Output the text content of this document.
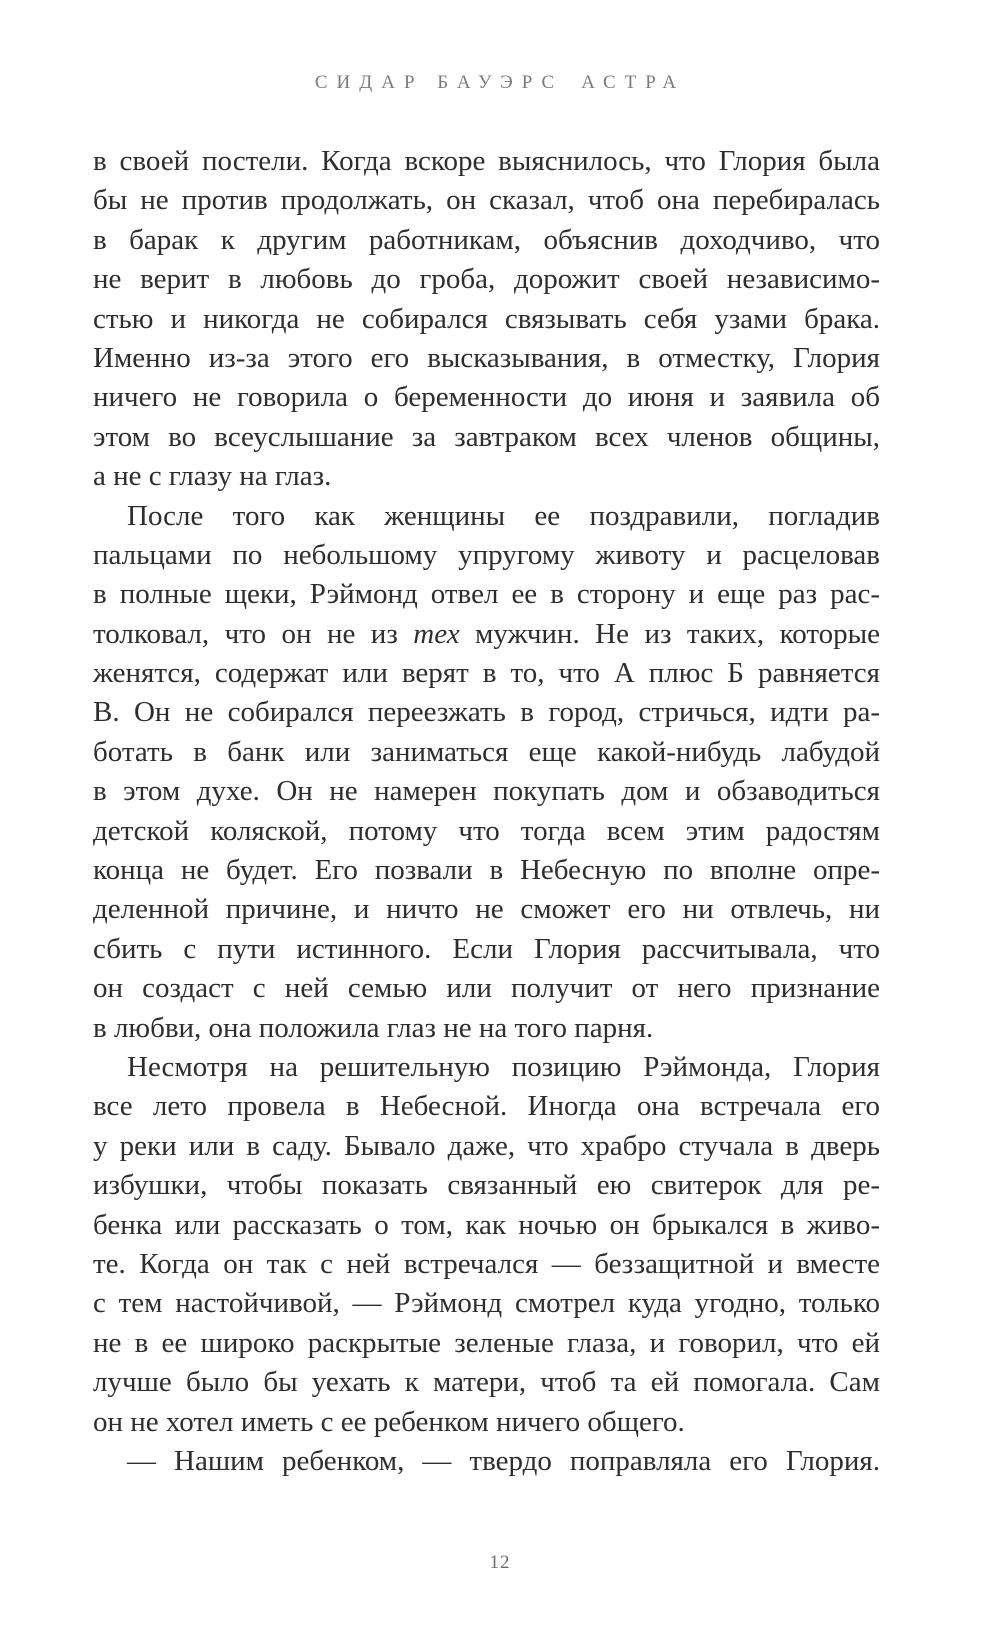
СИДАР БАУЭРС АСТРА
в своей постели. Когда вскоре выяснилось, что Глория была
бы не против продолжать, он сказал, чтоб она перебиралась
в барак к другим работникам, объяснив доходчиво, что
не верит в любовь до гроба, дорожит своей независимо-
стью и никогда не собирался связывать себя узами брака.
Именно из-за этого его высказывания, в отместку, Глория
ничего не говорила о беременности до июня и заявила об
этом во всеуслышание за завтраком всех членов общины,
а не с глазу на глаз.
После того как женщины ее поздравили, погладив
пальцами по небольшому упругому животу и расцеловав
в полные щеки, Рэймонд отвел ее в сторону и еще раз рас-
толковал, что он не из тех мужчин. Не из таких, которые
женятся, содержат или верят в то, что А плюс Б равняется
В. Он не собирался переезжать в город, стричься, идти ра-
ботать в банк или заниматься еще какой-нибудь лабудой
в этом духе. Он не намерен покупать дом и обзаводиться
детской коляской, потому что тогда всем этим радостям
конца не будет. Его позвали в Небесную по вполне опре-
деленной причине, и ничто не сможет его ни отвлечь, ни
сбить с пути истинного. Если Глория рассчитывала, что
он создаст с ней семью или получит от него признание
в любви, она положила глаз не на того парня.
Несмотря на решительную позицию Рэймонда, Глория
все лето провела в Небесной. Иногда она встречала его
у реки или в саду. Бывало даже, что храбро стучала в дверь
избушки, чтобы показать связанный ею свитерок для ре-
бенка или рассказать о том, как ночью он брыкался в живо-
те. Когда он так с ней встречался — беззащитной и вместе
с тем настойчивой, — Рэймонд смотрел куда угодно, только
не в ее широко раскрытые зеленые глаза, и говорил, что ей
лучше было бы уехать к матери, чтоб та ей помогала. Сам
он не хотел иметь с ее ребенком ничего общего.
— Нашим ребенком, — твердо поправляла его Глория.
12
